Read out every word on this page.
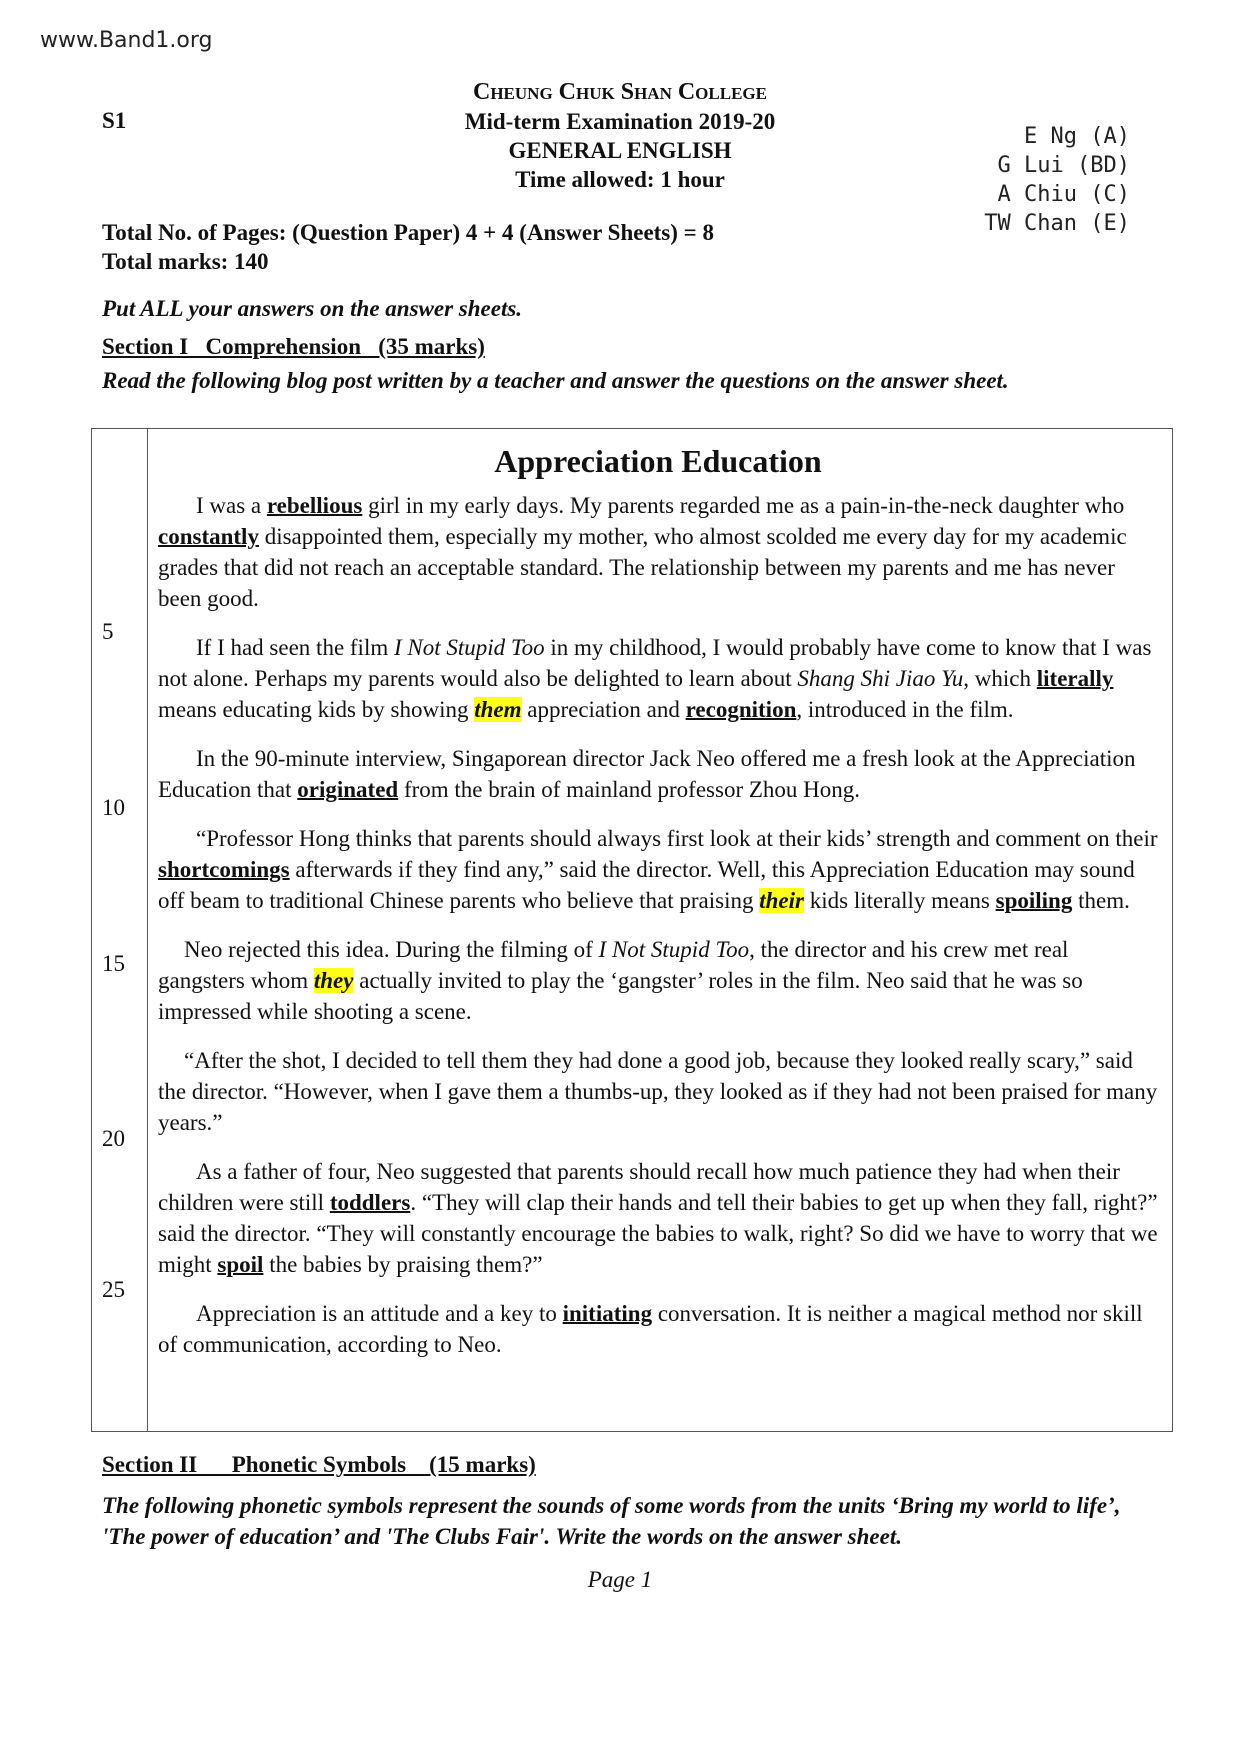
www.Band1.org
S1
Cheung Chuk Shan College
Mid-term Examination 2019-20
GENERAL ENGLISH
Time allowed: 1 hour
E Ng (A)
G Lui (BD)
A Chiu (C)
TW Chan (E)
Total No. of Pages: (Question Paper) 4 + 4 (Answer Sheets) = 8
Total marks: 140
Put ALL your answers on the answer sheets.
Section I   Comprehension   (35 marks)
Read the following blog post written by a teacher and answer the questions on the answer sheet.
5
10
15
20
25
Appreciation Education

I was a rebellious girl in my early days. My parents regarded me as a pain-in-the-neck daughter who constantly disappointed them, especially my mother, who almost scolded me every day for my academic grades that did not reach an acceptable standard. The relationship between my parents and me has never been good.

If I had seen the film I Not Stupid Too in my childhood, I would probably have come to know that I was not alone. Perhaps my parents would also be delighted to learn about Shang Shi Jiao Yu, which literally means educating kids by showing them appreciation and recognition, introduced in the film.

In the 90-minute interview, Singaporean director Jack Neo offered me a fresh look at the Appreciation Education that originated from the brain of mainland professor Zhou Hong.

“Professor Hong thinks that parents should always first look at their kids’ strength and comment on their shortcomings afterwards if they find any,” said the director. Well, this Appreciation Education may sound off beam to traditional Chinese parents who believe that praising their kids literally means spoiling them.

Neo rejected this idea. During the filming of I Not Stupid Too, the director and his crew met real gangsters whom they actually invited to play the ‘gangster’ roles in the film. Neo said that he was so impressed while shooting a scene.

“After the shot, I decided to tell them they had done a good job, because they looked really scary,” said the director. “However, when I gave them a thumbs-up, they looked as if they had not been praised for many years.”

As a father of four, Neo suggested that parents should recall how much patience they had when their children were still toddlers. “They will clap their hands and tell their babies to get up when they fall, right?” said the director. “They will constantly encourage the babies to walk, right? So did we have to worry that we might spoil the babies by praising them?”

Appreciation is an attitude and a key to initiating conversation. It is neither a magical method nor skill of communication, according to Neo.

Section II      Phonetic Symbols    (15 marks)
The following phonetic symbols represent the sounds of some words from the units ‘Bring my world to life’, 'The power of education’ and 'The Clubs Fair'. Write the words on the answer sheet.
Page 1
